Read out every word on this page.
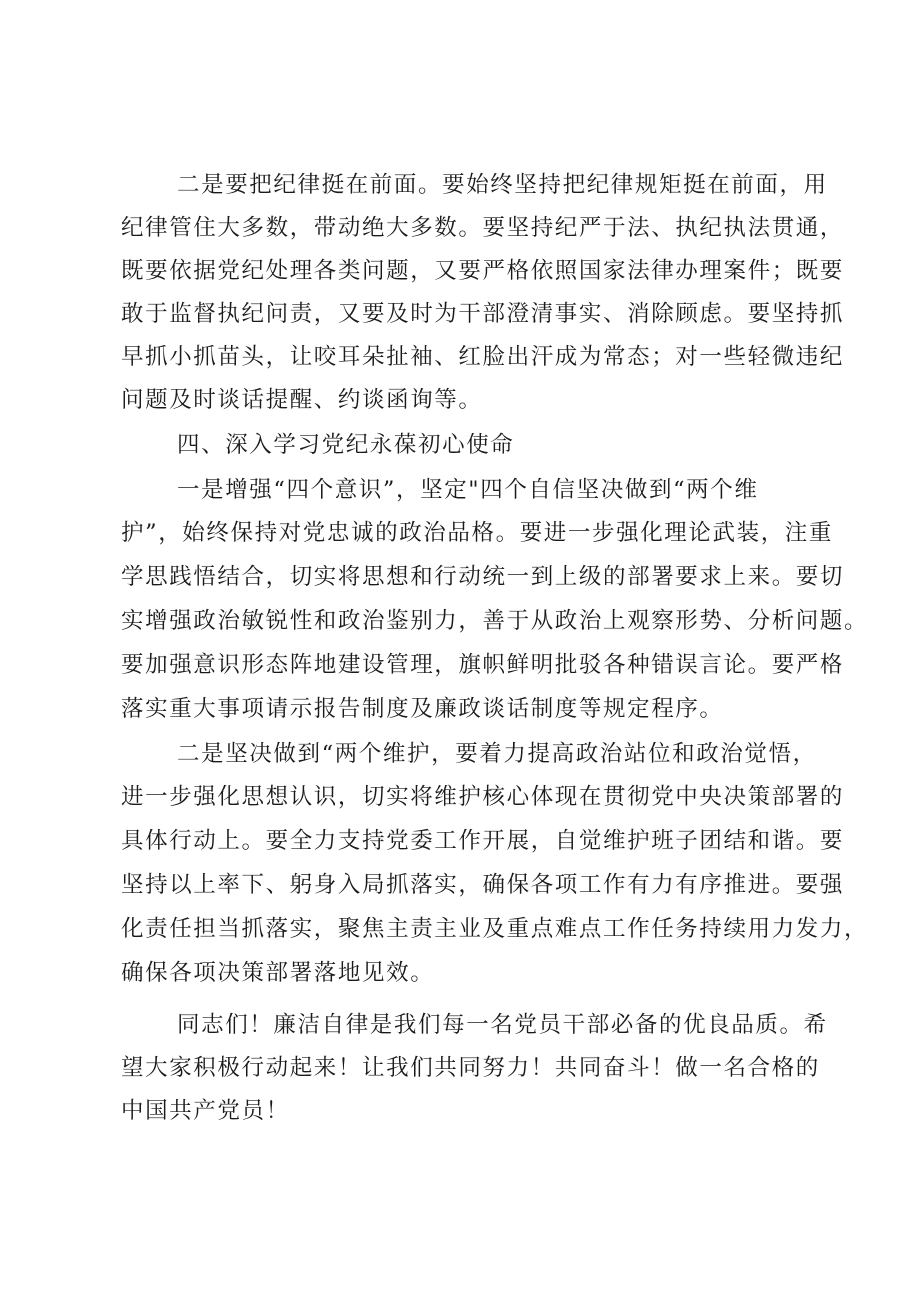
二是要把纪律挺在前面。要始终坚持把纪律规矩挺在前面，用
纪律管住大多数，带动绝大多数。要坚持纪严于法、执纪执法贯通，
既要依据党纪处理各类问题，又要严格依照国家法律办理案件；既要
敢于监督执纪问责，又要及时为干部澄清事实、消除顾虑。要坚持抓
早抓小抓苗头，让咬耳朵扯袖、红脸出汗成为常态；对一些轻微违纪
问题及时谈话提醒、约谈函询等。
四、深入学习党纪永葆初心使命
一是增强“四个意识”，坚定"四个自信坚决做到“两个维
护”，始终保持对党忠诚的政治品格。要进一步强化理论武装，注重
学思践悟结合，切实将思想和行动统一到上级的部署要求上来。要切
实增强政治敏锐性和政治鉴别力，善于从政治上观察形势、分析问题。
要加强意识形态阵地建设管理，旗帜鲜明批驳各种错误言论。要严格
落实重大事项请示报告制度及廉政谈话制度等规定程序。
二是坚决做到“两个维护，要着力提高政治站位和政治觉悟，
进一步强化思想认识，切实将维护核心体现在贯彻党中央决策部署的
具体行动上。要全力支持党委工作开展，自觉维护班子团结和谐。要
坚持以上率下、躬身入局抓落实，确保各项工作有力有序推进。要强
化责任担当抓落实，聚焦主责主业及重点难点工作任务持续用力发力，
确保各项决策部署落地见效。
同志们！廉洁自律是我们每一名党员干部必备的优良品质。希
望大家积极行动起来！让我们共同努力！共同奋斗！做一名合格的
中国共产党员！
